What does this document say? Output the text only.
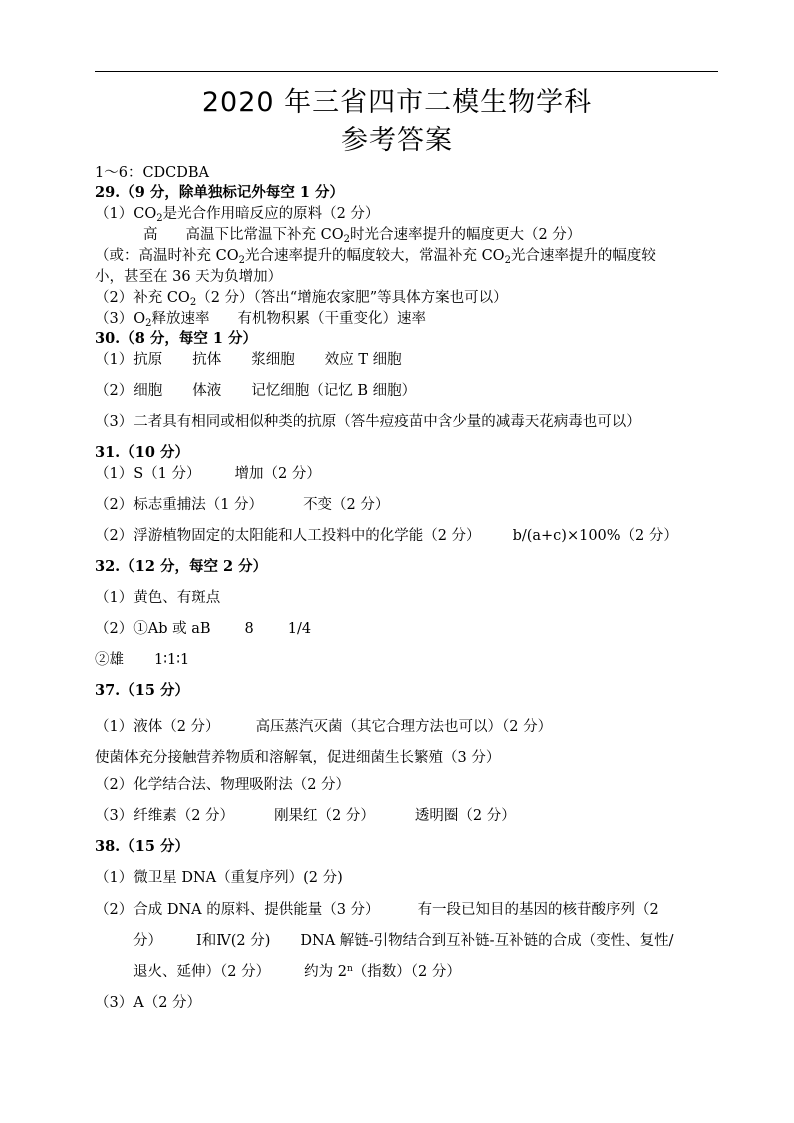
2020 年三省四市二模生物学科
参考答案
1～6：CDCDBA
29.（9 分，除单独标记外每空 1 分）
$(1)CO_2$是光合作用暗反应的原料（2 分）
高 高温下比常温下补充 $CO_2$时光合速率提升的幅度更大（2 分）
（或：高温时补充 $CO_2$光合速率提升的幅度较大，常温补充 $CO_2$光合速率提升的幅度较
小，甚至在 36 天为负增加）
（2）补充 $CO_2(2$ 分）（答出“增施农家肥”等具体方案也可以）
$(3)O_2$释放速率 有机物积累（干重变化）速率
30.（8 分，每空 1 分）
（1）抗原 抗体 浆细胞 效应 T 细胞
（2）细胞 体液 记忆细胞（记忆 B 细胞）
（3）二者具有相同或相似种类的抗原（答牛痘疫苗中含少量的减毒天花病毒也可以）
31.（10 分）
（1）S（1 分） 增加（2 分）
（2）标志重捕法（1 分）	不变（2 分）
（2）浮游植物固定的太阳能和人工投料中的化学能（2 分） b/(a+c)×100%（2 分）
32.（12 分，每空 2 分）
（1）黄色、有斑点
（2）①Ab 或 aB 8 1/4
②雄 1∶1∶1
37.（15 分）
（1）液体（2 分） 高压蒸汽灭菌（其它合理方法也可以）（2 分）
使菌体充分接触营养物质和溶解氧，促进细菌生长繁殖（3 分）
（2）化学结合法、物理吸附法（2 分）
（3）纤维素（2 分）	刚果红（2 分）	透明圈（2 分）
38.（15 分）
（1）微卫星 DNA（重复序列）(2 分)
（2）合成 DNA 的原料、提供能量（3 分）	有一段已知目的基因的核苷酸序列（2
分） Ⅰ和Ⅳ(2 分) DNA 解链-引物结合到互补链-互补链的合成（变性、复性/
退火、延伸）（2 分） 约为 2$^n$（指数）（2 分）
（3）A（2 分）
